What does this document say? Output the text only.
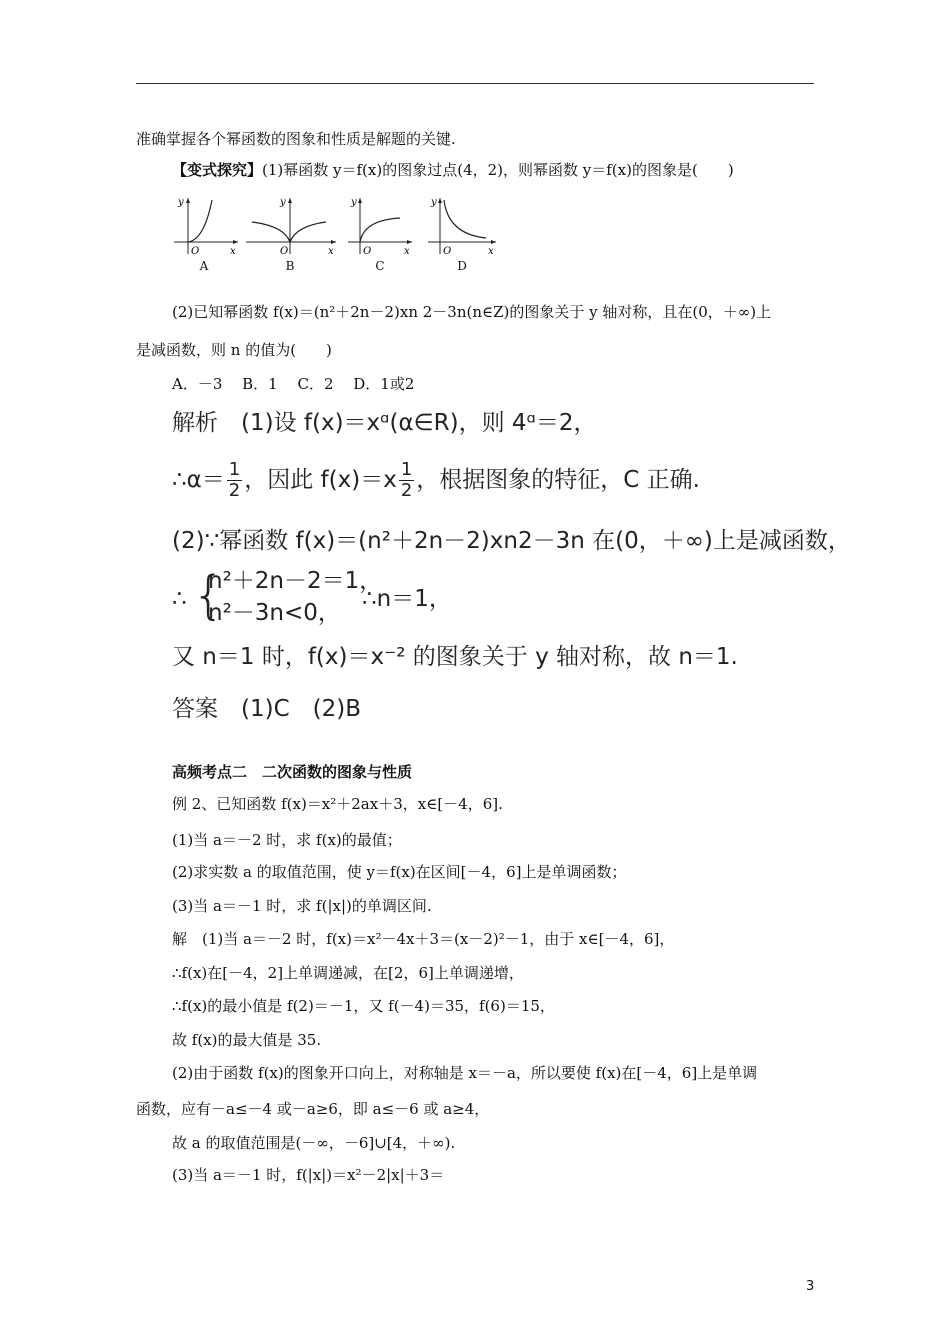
准确掌握各个幂函数的图象和性质是解题的关键.
【变式探究】(1)幂函数 y＝f(x)的图象过点(4，2)，则幂函数 y＝f(x)的图象是(　　)
y
x
O
A
y
x
O
B
y
x
O
C
y
x
O
D
(2)已知幂函数 f(x)＝(n²＋2n－2)xn 2－3n(n∈Z)的图象关于 y 轴对称，且在(0，＋∞)上
是减函数，则 n 的值为(　　)
A．－3　 B．1　 C．2　 D．1或2
解析　(1)设 f(x)＝xᵅ(α∈R)，则 4ᵅ＝2，
∴α＝ $\frac{1}{2}$ ，因此 $f(x)=x \frac{1}{2}$ ，根据图象的特征，C 正确.
(2)∵幂函数 f(x)＝(n²＋2n－2)xn2－3n 在(0，＋∞)上是减函数，
∴ {
n²＋2n－2＝1，
n²－3n<0，
∴n＝1，
又 n＝1 时，f(x)＝x⁻² 的图象关于 y 轴对称，故 n＝1.
答案　(1)C　(2)B
高频考点二　二次函数的图象与性质
例 2、已知函数 f(x)＝x²＋2ax＋3，x∈[－4，6].
(1)当 a＝－2 时，求 f(x)的最值；
(2)求实数 a 的取值范围，使 y＝f(x)在区间[－4，6]上是单调函数；
(3)当 a＝－1 时，求 f(|x|)的单调区间.
解　(1)当 a＝－2 时，f(x)＝x²－4x＋3＝(x－2)²－1，由于 x∈[－4，6]，
∴f(x)在[－4，2]上单调递减，在[2，6]上单调递增，
∴f(x)的最小值是 f(2)＝－1，又 f(－4)＝35，f(6)＝15，
故 f(x)的最大值是 35.
(2)由于函数 f(x)的图象开口向上，对称轴是 x＝－a，所以要使 f(x)在[－4，6]上是单调
函数，应有－a≤－4 或－a≥6，即 a≤－6 或 a≥4，
故 a 的取值范围是(－∞，－6]∪[4，＋∞).
(3)当 a＝－1 时，f(|x|)＝x²－2|x|＋3＝
3
